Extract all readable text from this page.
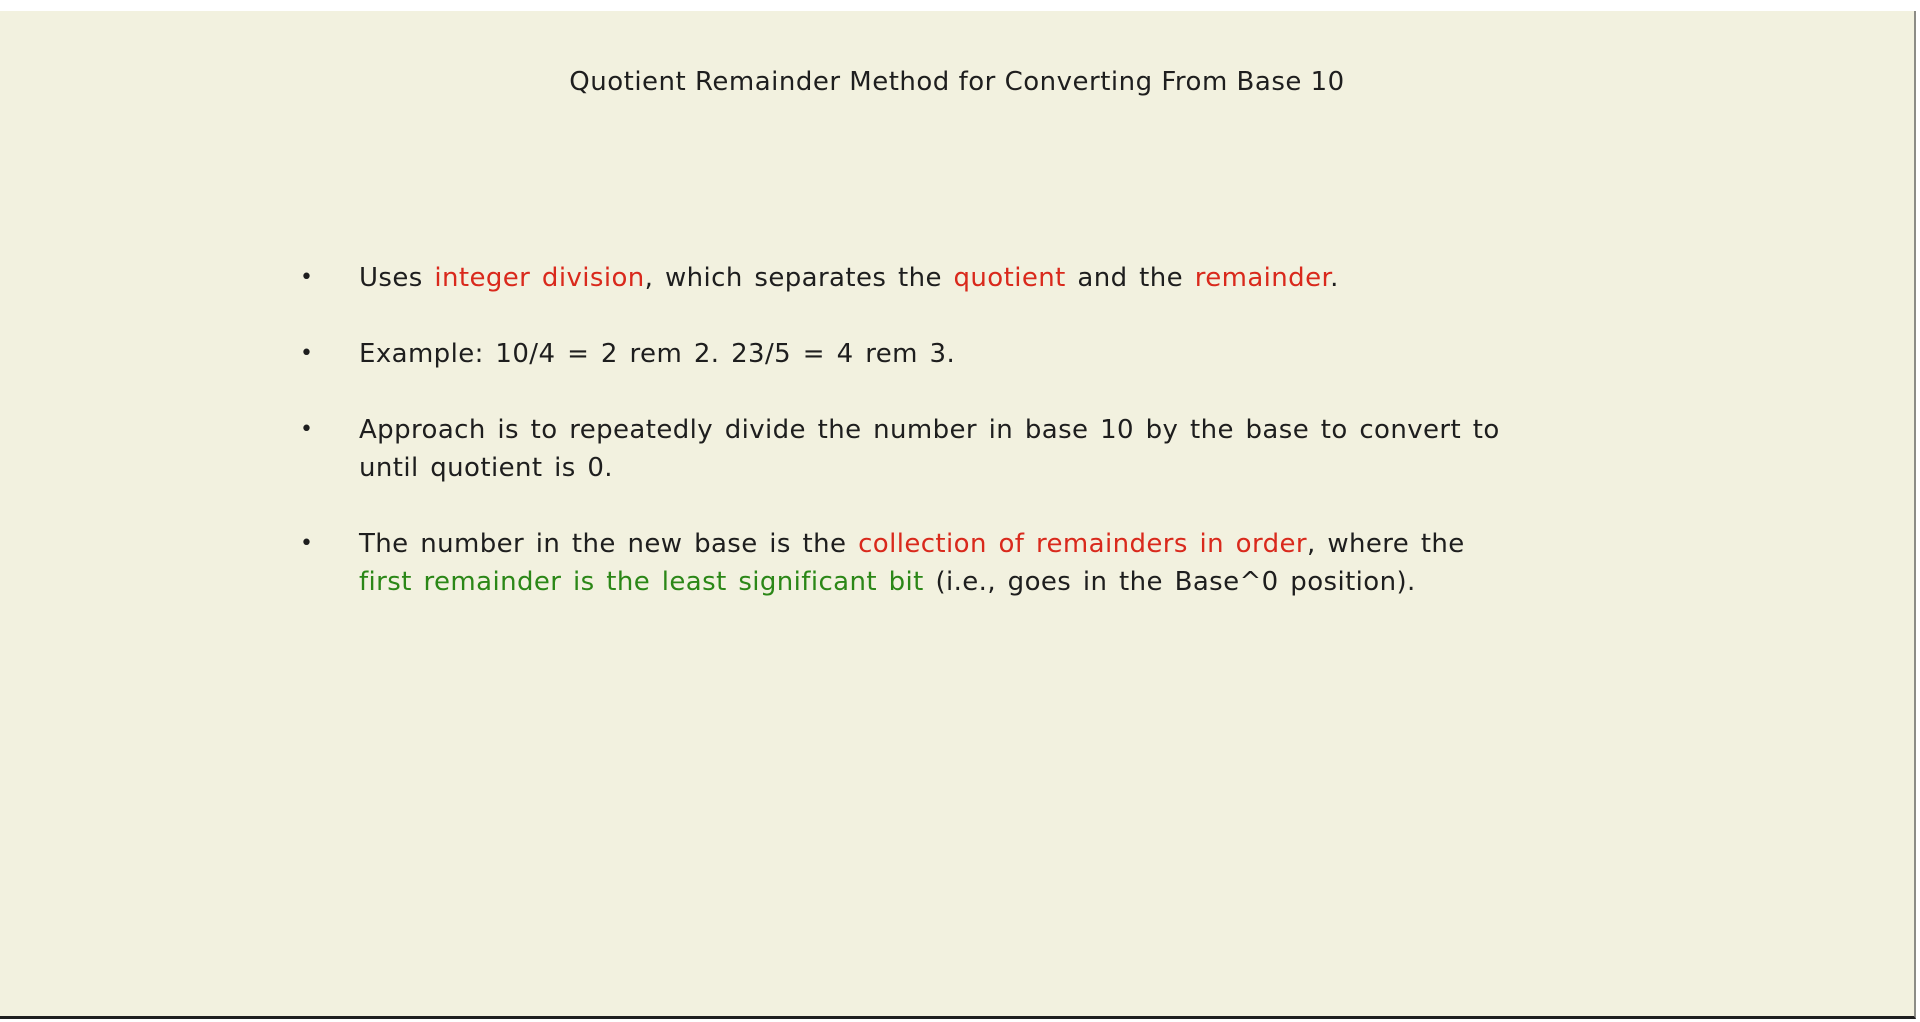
Quotient Remainder Method for Converting From Base 10
• Uses integer division, which separates the quotient and the remainder.
• Example: 10/4 = 2 rem 2. 23/5 = 4 rem 3.
• Approach is to repeatedly divide the number in base 10 by the base to convert to until quotient is 0.
• The number in the new base is the collection of remainders in order, where the first remainder is the least significant bit (i.e., goes in the Base^0 position).
